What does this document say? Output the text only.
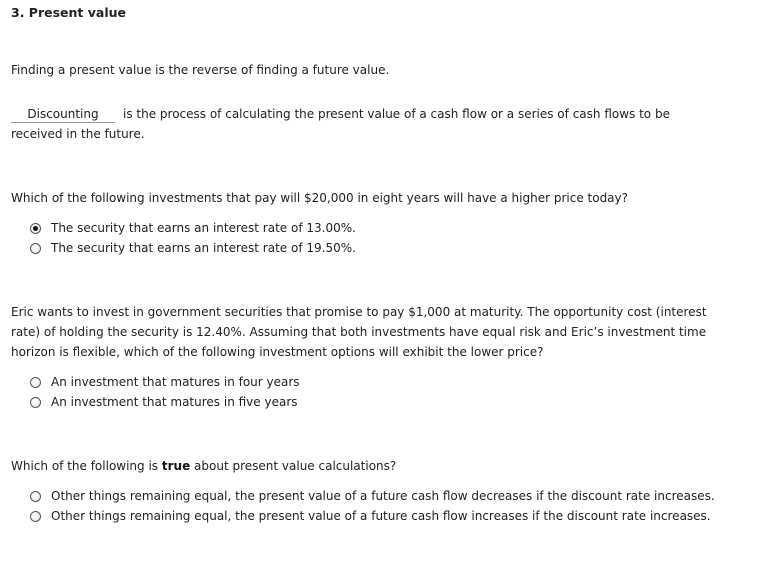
3. Present value
Finding a present value is the reverse of finding a future value.
Discounting is the process of calculating the present value of a cash flow or a series of cash flows to be
received in the future.
Which of the following investments that pay will $20,000 in eight years will have a higher price today?
The security that earns an interest rate of 13.00%.
The security that earns an interest rate of 19.50%.
Eric wants to invest in government securities that promise to pay $1,000 at maturity. The opportunity cost (interest
rate) of holding the security is 12.40%. Assuming that both investments have equal risk and Eric’s investment time
horizon is flexible, which of the following investment options will exhibit the lower price?
An investment that matures in four years
An investment that matures in five years
Which of the following is true about present value calculations?
Other things remaining equal, the present value of a future cash flow decreases if the discount rate increases.
Other things remaining equal, the present value of a future cash flow increases if the discount rate increases.
